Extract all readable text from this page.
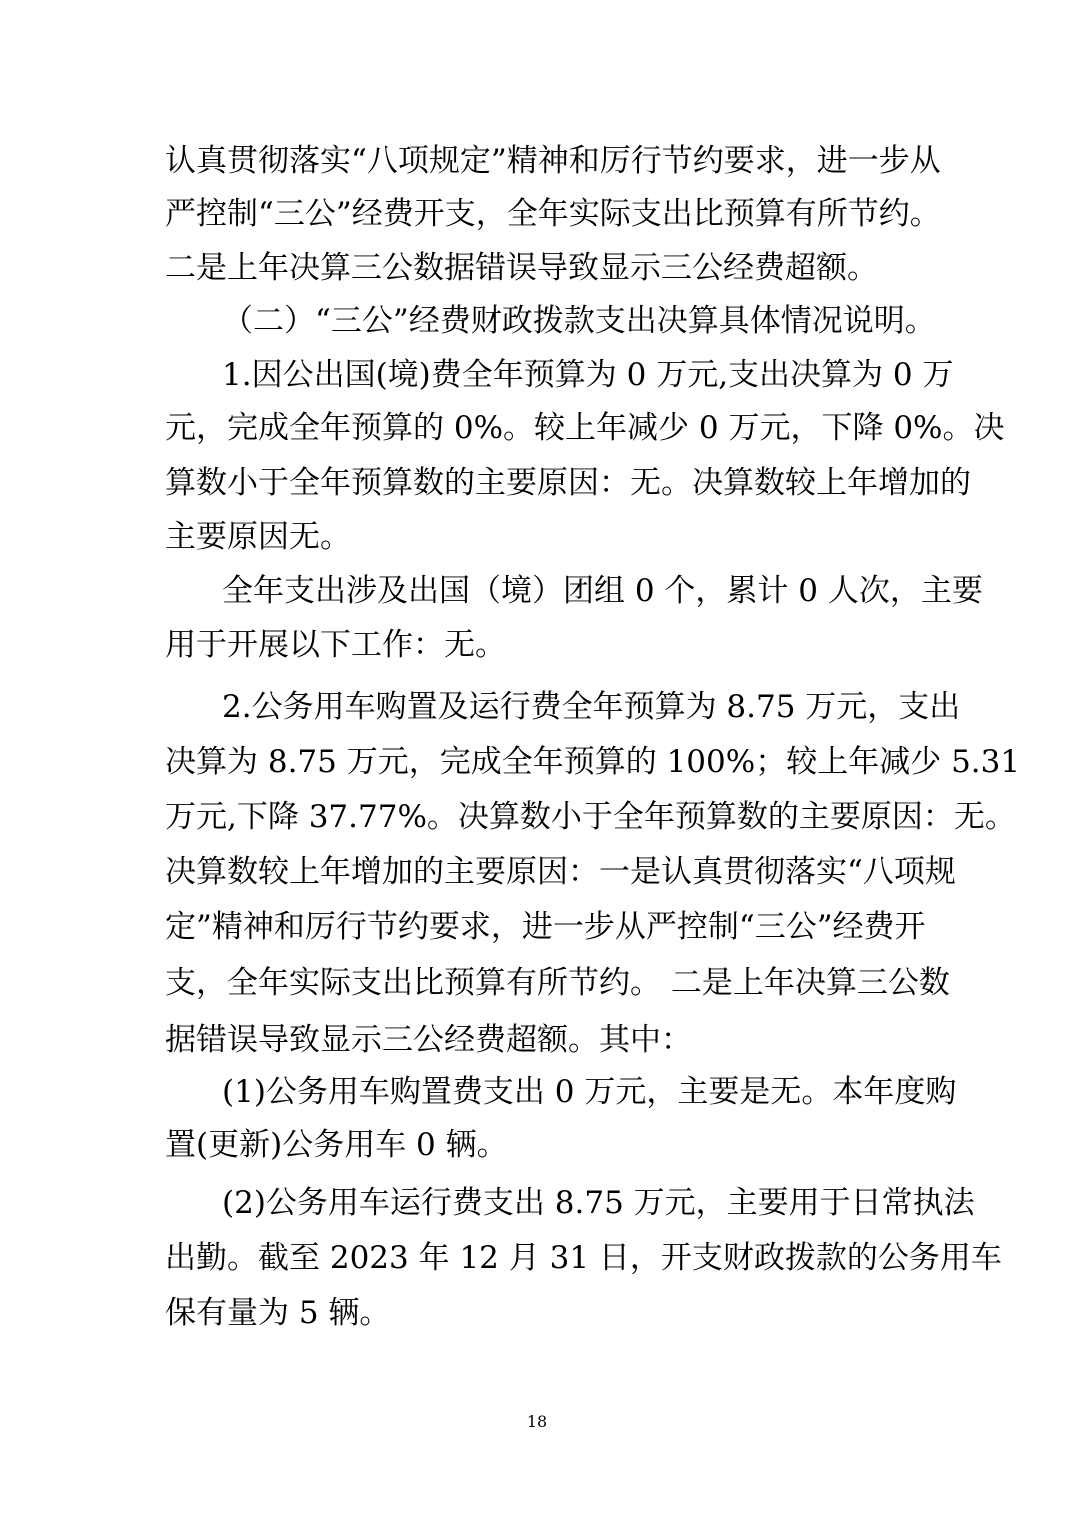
认真贯彻落实“八项规定”精神和厉行节约要求，进一步从
严控制“三公”经费开支，全年实际支出比预算有所节约。
二是上年决算三公数据错误导致显示三公经费超额。
（二）“三公”经费财政拨款支出决算具体情况说明。
1.因公出国(境)费全年预算为 0 万元,支出决算为 0 万
元，完成全年预算的 0%。较上年减少 0 万元，下降 0%。决
算数小于全年预算数的主要原因：无。决算数较上年增加的
主要原因无。
全年支出涉及出国（境）团组 0 个，累计 0 人次，主要
用于开展以下工作：无。
2.公务用车购置及运行费全年预算为 8.75 万元，支出
决算为 8.75 万元，完成全年预算的 100%；较上年减少 5.31
万元,下降 37.77%。决算数小于全年预算数的主要原因：无。
决算数较上年增加的主要原因：一是认真贯彻落实“八项规
定”精神和厉行节约要求，进一步从严控制“三公”经费开
支，全年实际支出比预算有所节约。 二是上年决算三公数
据错误导致显示三公经费超额。其中：
(1)公务用车购置费支出 0 万元，主要是无。本年度购
置(更新)公务用车 0 辆。
(2)公务用车运行费支出 8.75 万元，主要用于日常执法
出勤。截至 2023 年 12 月 31 日，开支财政拨款的公务用车
保有量为 5 辆。
18
